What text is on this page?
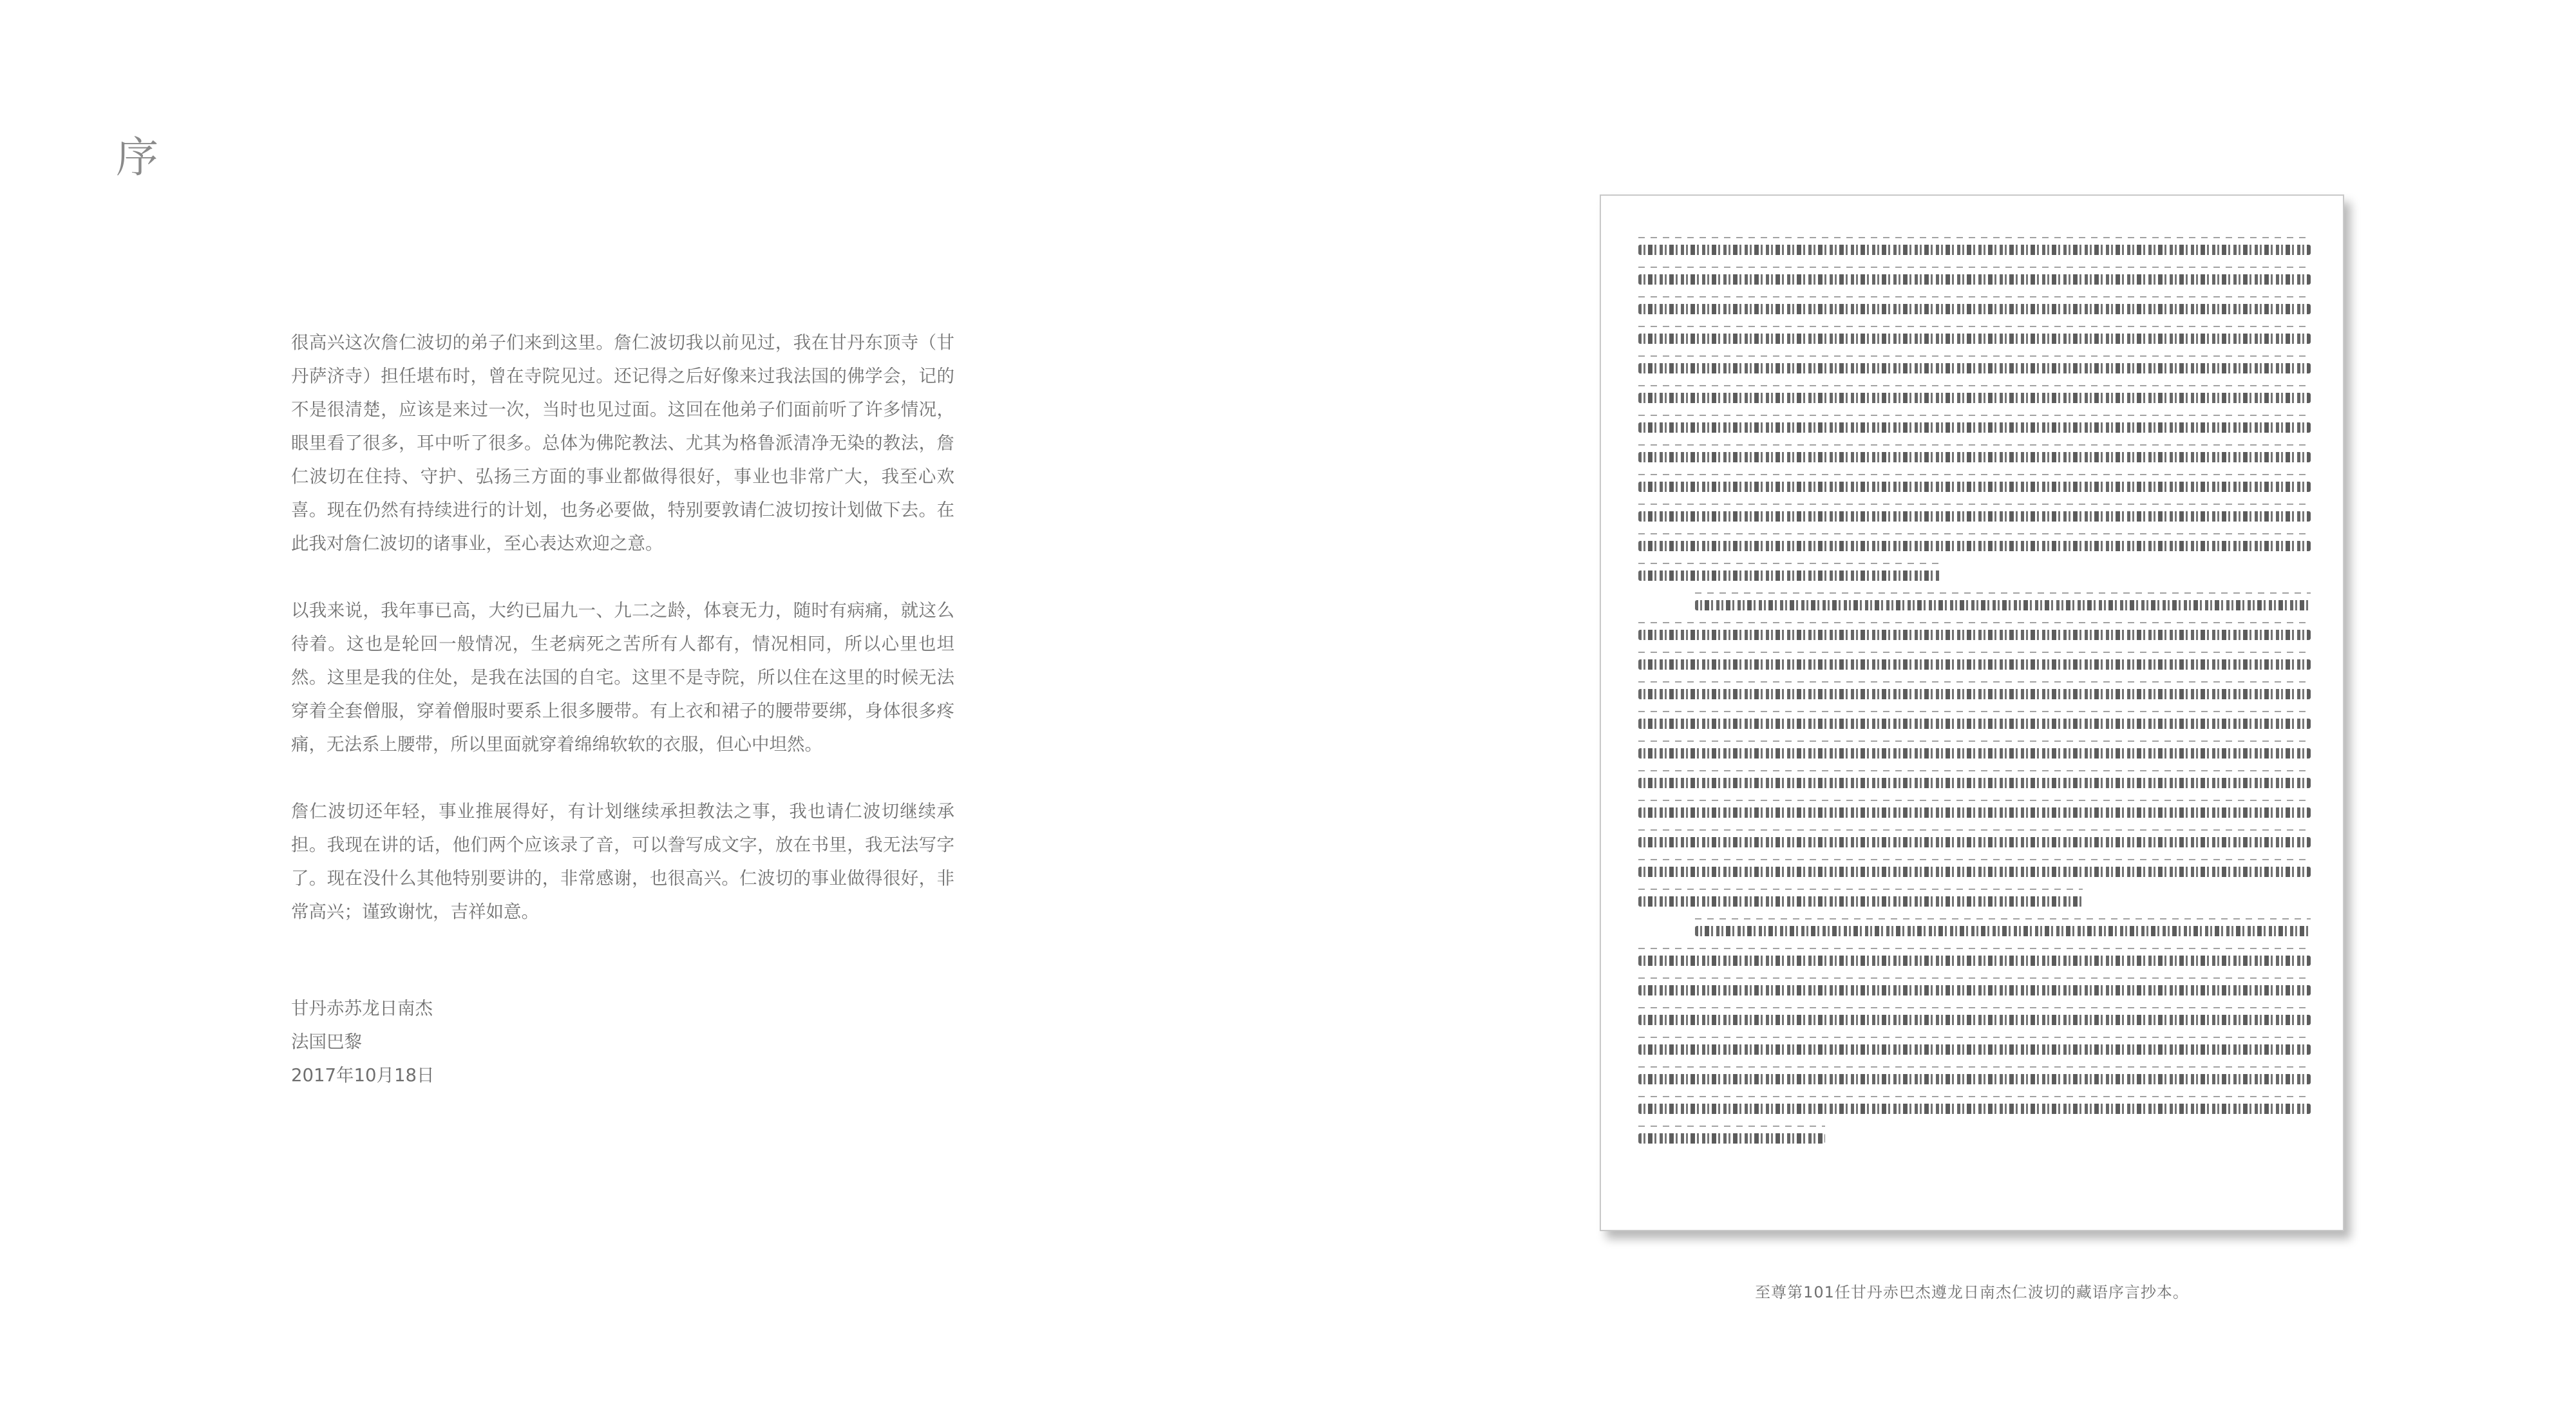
序

很高兴这次詹仁波切的弟子们来到这里。詹仁波切我以前见过，我在甘丹东顶寺（甘丹萨济寺）担任堪布时，曾在寺院见过。还记得之后好像来过我法国的佛学会，记的不是很清楚，应该是来过一次，当时也见过面。这回在他弟子们面前听了许多情况，眼里看了很多，耳中听了很多。总体为佛陀教法、尤其为格鲁派清净无染的教法，詹仁波切在住持、守护、弘扬三方面的事业都做得很好，事业也非常广大，我至心欢喜。现在仍然有持续进行的计划，也务必要做，特别要敦请仁波切按计划做下去。在此我对詹仁波切的诸事业，至心表达欢迎之意。

以我来说，我年事已高，大约已届九一、九二之龄，体衰无力，随时有病痛，就这么待着。这也是轮回一般情况，生老病死之苦所有人都有，情况相同，所以心里也坦然。这里是我的住处，是我在法国的自宅。这里不是寺院，所以住在这里的时候无法穿着全套僧服，穿着僧服时要系上很多腰带。有上衣和裙子的腰带要绑，身体很多疼痛，无法系上腰带，所以里面就穿着绵绵软软的衣服，但心中坦然。

詹仁波切还年轻，事业推展得好，有计划继续承担教法之事，我也请仁波切继续承担。我现在讲的话，他们两个应该录了音，可以誊写成文字，放在书里，我无法写字了。现在没什么其他特别要讲的，非常感谢，也很高兴。仁波切的事业做得很好，非常高兴；谨致谢忱，吉祥如意。

甘丹赤苏龙日南杰
法国巴黎
2017年10月18日
至尊第101任甘丹赤巴杰遵龙日南杰仁波切的藏语序言抄本。
